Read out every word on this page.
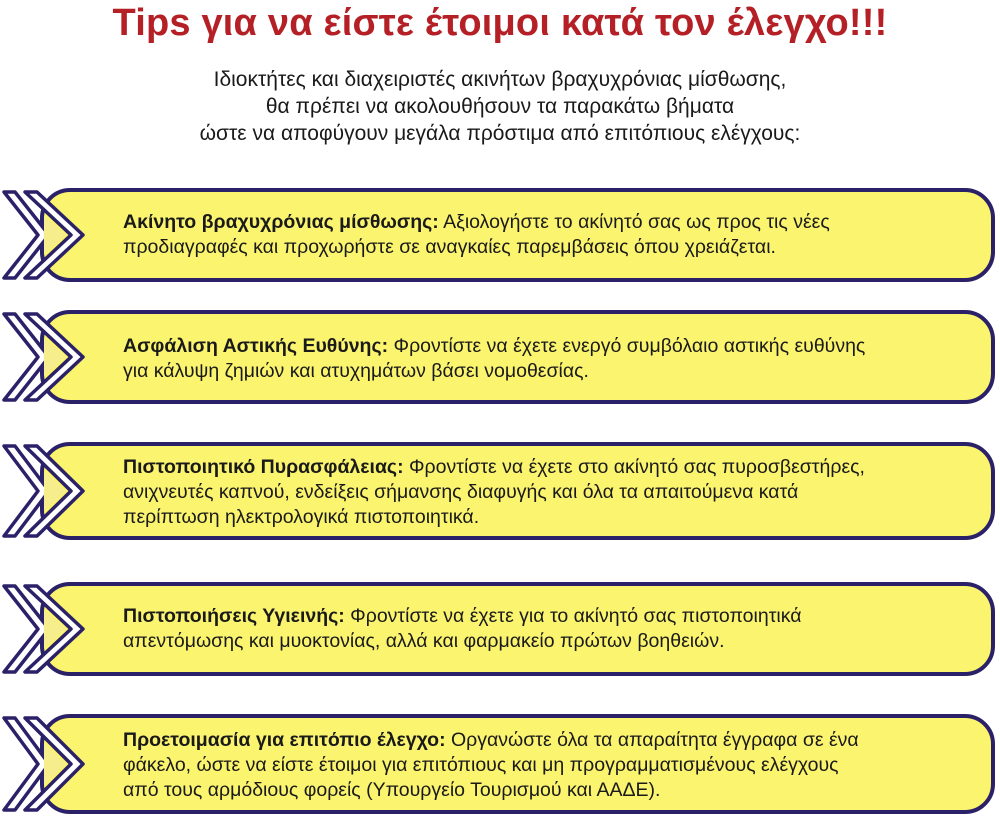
Tips για να είστε έτοιμοι κατά τον έλεγχο!!!
Ιδιοκτήτες και διαχειριστές ακινήτων βραχυχρόνιας μίσθωσης,
θα πρέπει να ακολουθήσουν τα παρακάτω βήματα
ώστε να αποφύγουν μεγάλα πρόστιμα από επιτόπιους ελέγχους:
Ακίνητο βραχυχρόνιας μίσθωσης: Αξιολογήστε το ακίνητό σας ως προς τις νέες
προδιαγραφές και προχωρήστε σε αναγκαίες παρεμβάσεις όπου χρειάζεται.
Ασφάλιση Αστικής Ευθύνης: Φροντίστε να έχετε ενεργό συμβόλαιο αστικής ευθύνης
για κάλυψη ζημιών και ατυχημάτων βάσει νομοθεσίας.
Πιστοποιητικό Πυρασφάλειας: Φροντίστε να έχετε στο ακίνητό σας πυροσβεστήρες,
ανιχνευτές καπνού, ενδείξεις σήμανσης διαφυγής και όλα τα απαιτούμενα κατά
περίπτωση ηλεκτρολογικά πιστοποιητικά.
Πιστοποιήσεις Υγιεινής: Φροντίστε να έχετε για το ακίνητό σας πιστοποιητικά
απεντόμωσης και μυοκτονίας, αλλά και φαρμακείο πρώτων βοηθειών.
Προετοιμασία για επιτόπιο έλεγχο: Οργανώστε όλα τα απαραίτητα έγγραφα σε ένα
φάκελο, ώστε να είστε έτοιμοι για επιτόπιους και μη προγραμματισμένους ελέγχους
από τους αρμόδιους φορείς (Υπουργείο Τουρισμού και ΑΑΔΕ).
